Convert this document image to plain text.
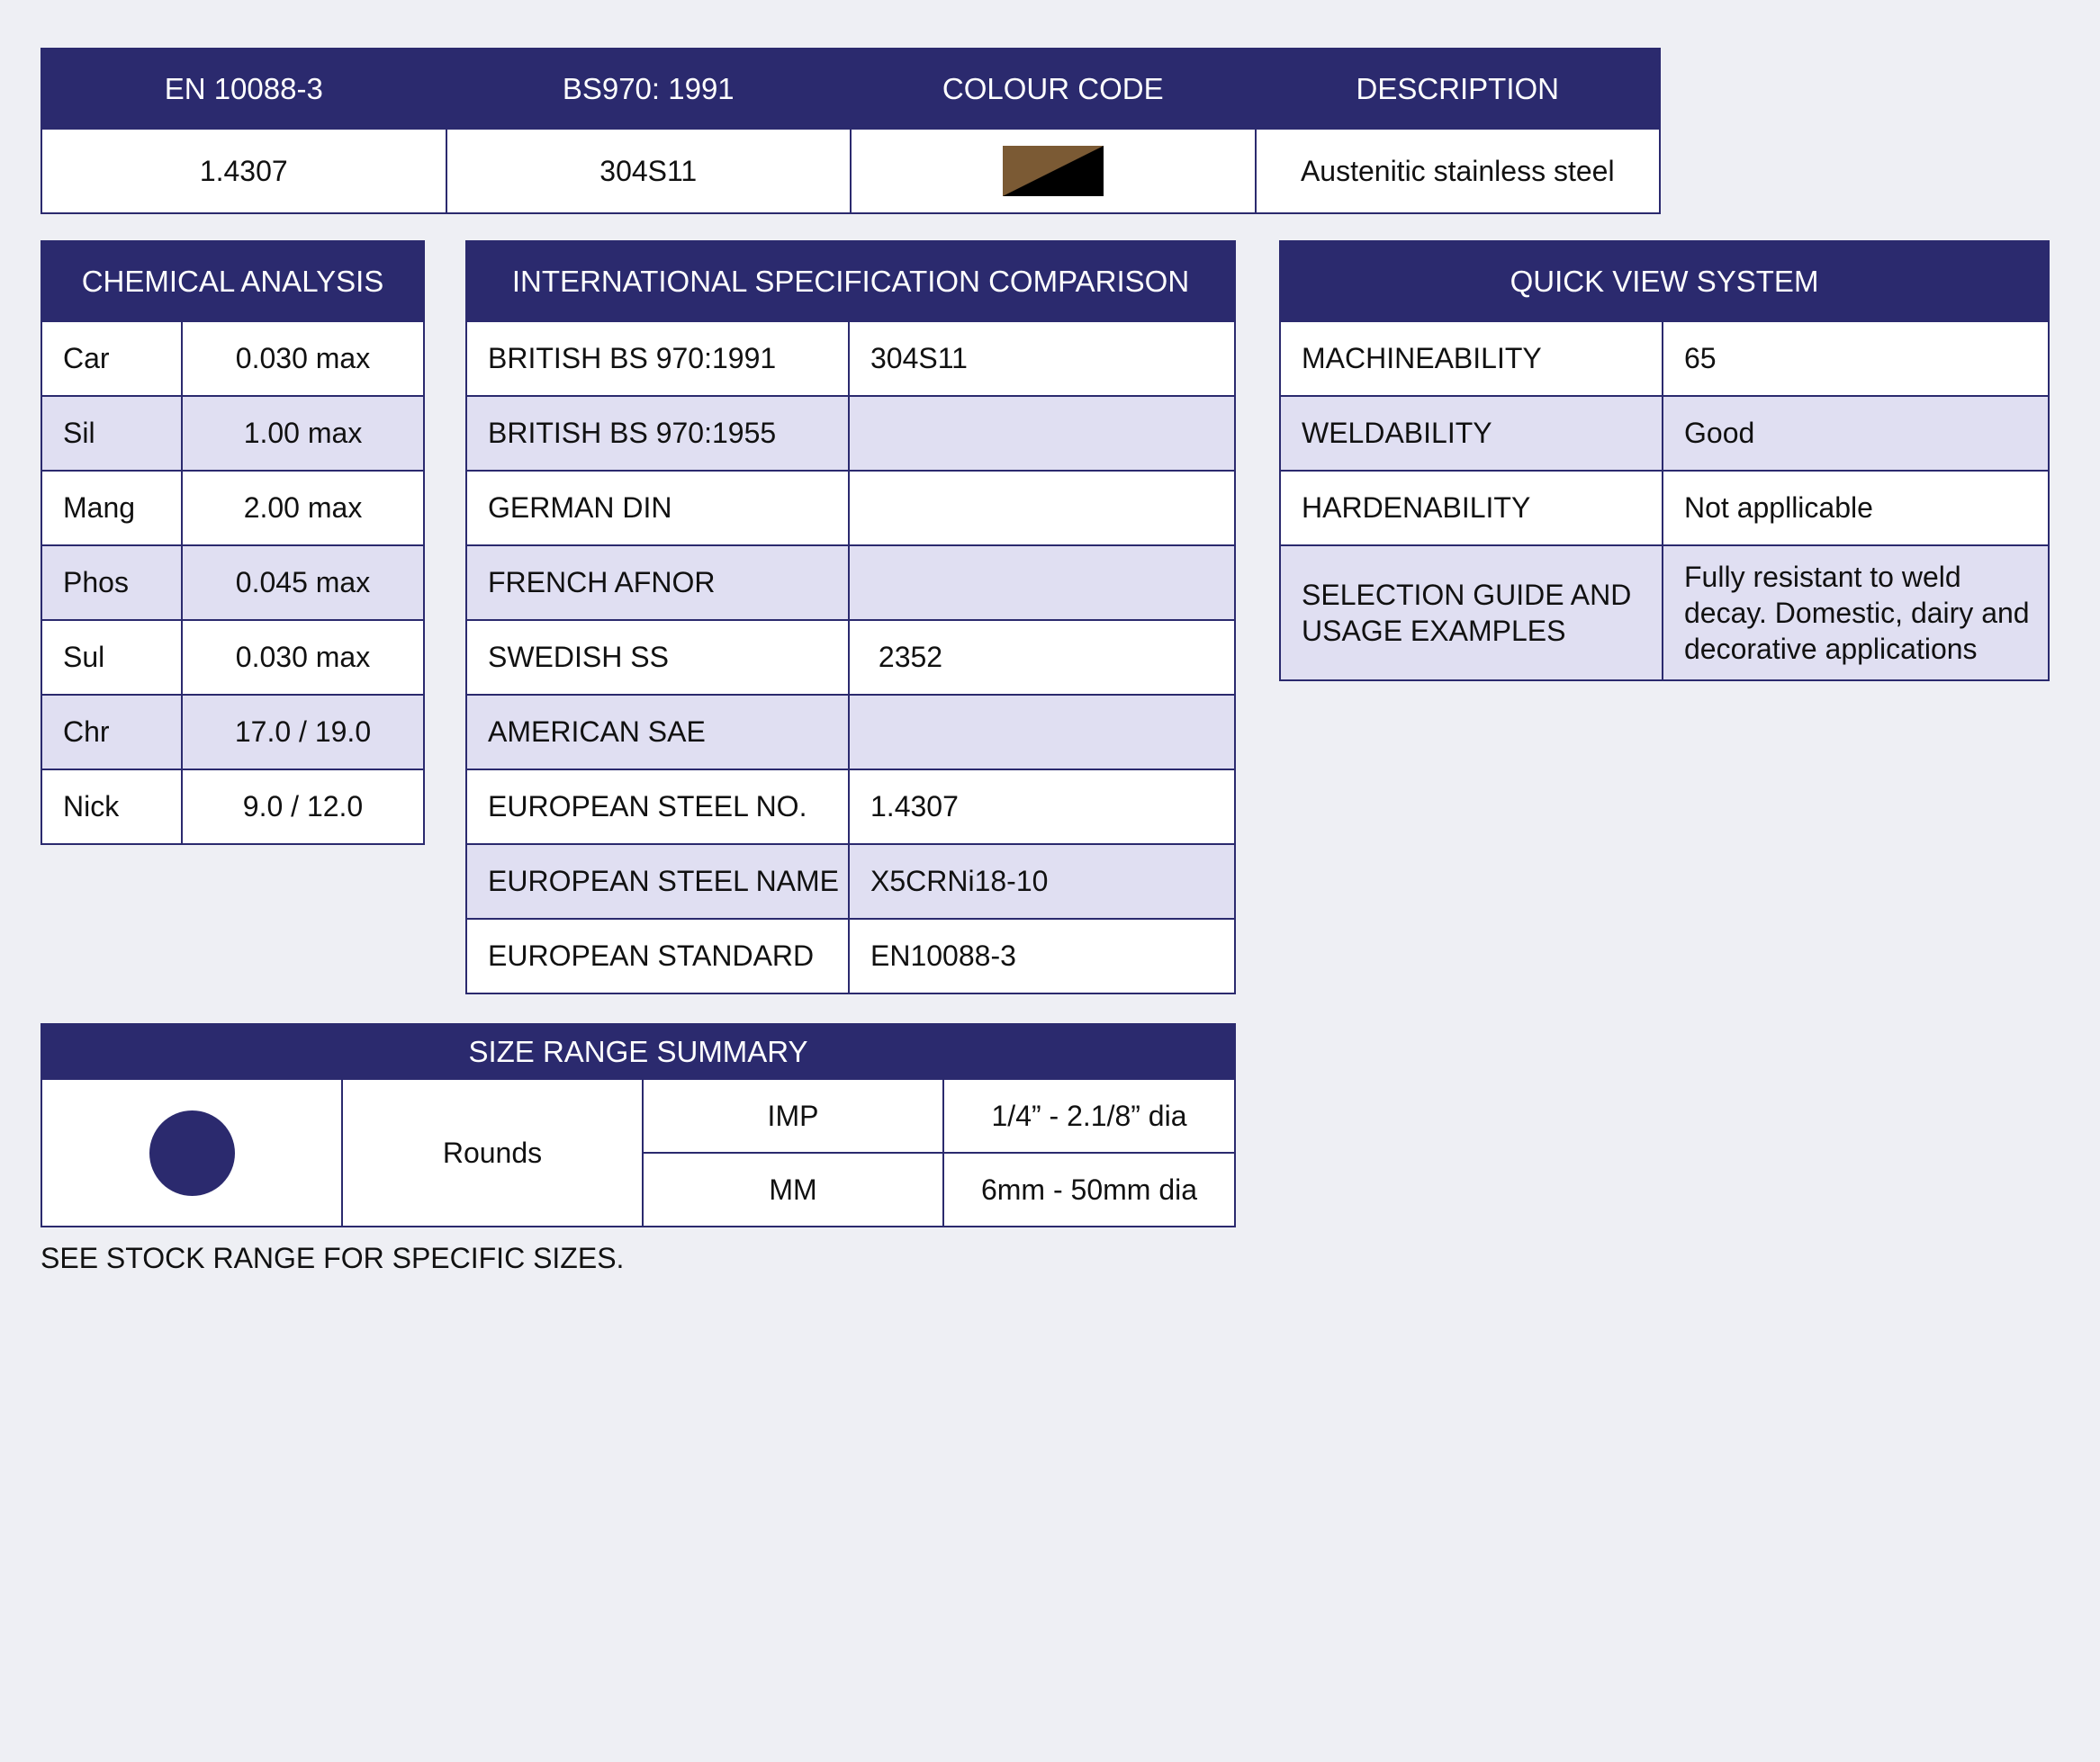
EN 10088-3	BS970: 1991	COLOUR CODE	DESCRIPTION
1.4307	304S11		Austenitic stainless steel
CHEMICAL ANALYSIS	
Car	0.030 max
Sil	1.00 max
Mang	2.00 max
Phos	0.045 max
Sul	0.030 max
Chr	17.0 / 19.0
Nick	9.0 / 12.0
INTERNATIONAL SPECIFICATION COMPARISON	
BRITISH BS 970:1991	304S11
BRITISH BS 970:1955	
GERMAN DIN	
FRENCH AFNOR	
SWEDISH SS	2352
AMERICAN SAE	
EUROPEAN STEEL NO.	1.4307
EUROPEAN STEEL NAME	X5CRNi18-10
EUROPEAN STANDARD	EN10088-3
QUICK VIEW SYSTEM	
MACHINEABILITY	65
WELDABILITY	Good
HARDENABILITY	Not appllicable
SELECTION GUIDE AND USAGE EXAMPLES	Fully resistant to weld decay. Domestic, dairy and decorative applications
SIZE RANGE SUMMARY			
	Rounds	IMP	1/4” - 2.1/8” dia
		MM	6mm - 50mm dia
SEE STOCK RANGE FOR SPECIFIC SIZES.
